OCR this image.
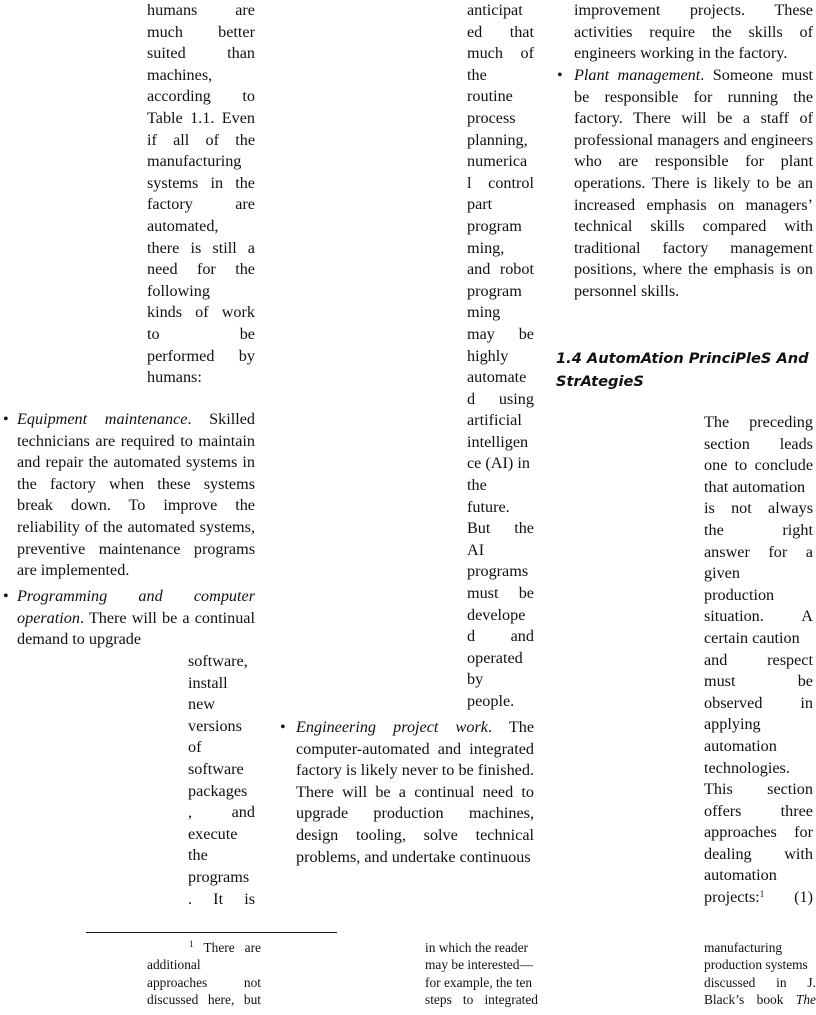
humans are
much better
suited than
machines,
according to
Table 1.1. Even
if all of the
manufacturing
systems in the
factory are
automated,
there is still a
need for the
following
kinds of work
to be
performed by
humans:
• Equipment maintenance. Skilled technicians are required to maintain and repair the automated systems in the factory when these systems break down. To improve the reliability of the automated systems, preventive maintenance programs are implemented.
• Programming and computer operation. There will be a continual demand to upgrade
software,
install
new
versions
of
software
packages
, and
execute
the
programs
. It is
anticipat
ed that
much of
the
routine
process
planning,
numerica
l control
part
program
ming,
and robot
program
ming
may be
highly
automate
d using
artificial
intelligen
ce (AI) in
the
future.
But the
AI
programs
must be
develope
d and
operated
by
people.
• Engineering project work. The computer-automated and integrated factory is likely never to be finished. There will be a continual need to upgrade production machines, design tooling, solve technical problems, and undertake continuous
improvement projects. These activities require the skills of engineers working in the factory.
• Plant management. Someone must be responsible for running the factory. There will be a staff of professional managers and engineers who are responsible for plant operations. There is likely to be an increased emphasis on managers’ technical skills compared with traditional factory management positions, where the emphasis is on personnel skills.
1.4 AutomAtion PrinciPleS And
StrAtegieS
The preceding
section leads
one to conclude
that automation
is not always
the right
answer for a
given
production
situation. A
certain caution
and respect
must be
observed in
applying
automation
technologies.
This section
offers three
approaches for
dealing with
automation
projects:$^1$ (1)
$^1$ There are
additional
approaches not
discussed here, but
in which the reader
may be interested—
for example, the ten
steps to integrated
manufacturing
production systems
discussed in J.
Black’s book The
